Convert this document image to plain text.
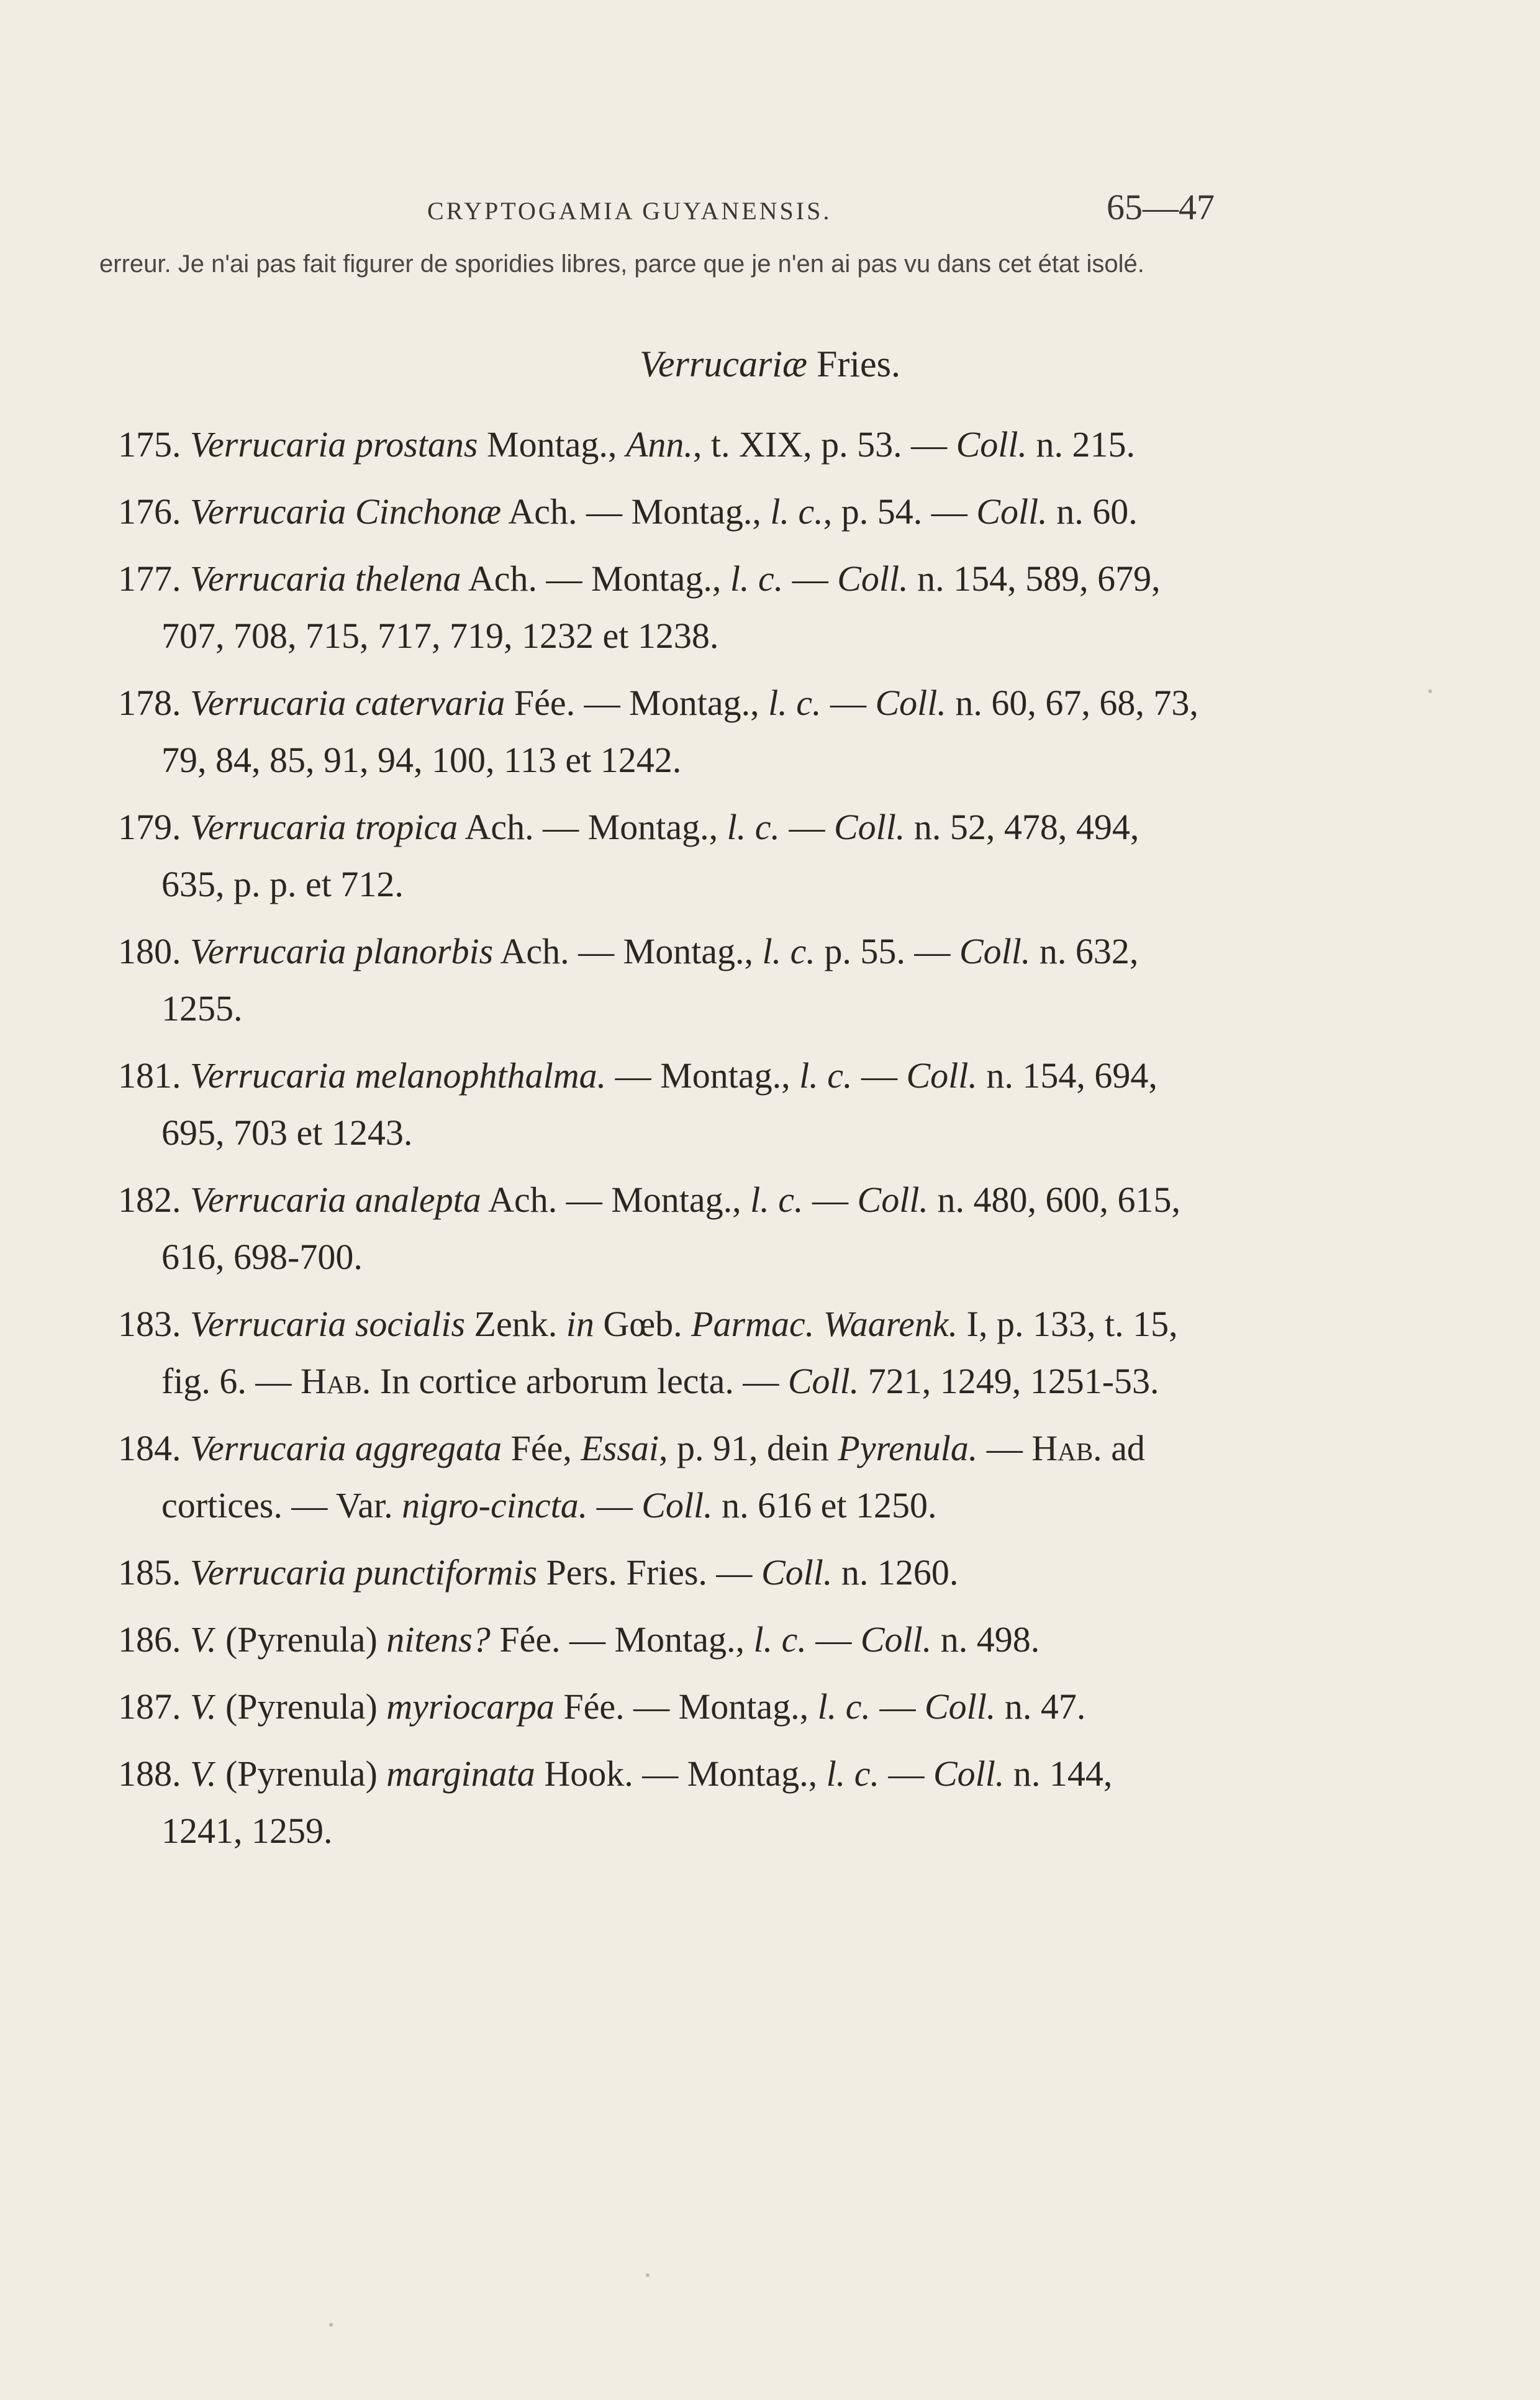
CRYPTOGAMIA GUYANENSIS.	65—47
erreur. Je n'ai pas fait figurer de sporidies libres, parce que je n'en ai pas vu dans cet état isolé.
Verrucariæ Fries.
175. Verrucaria prostans Montag., Ann., t. XIX, p. 53. — Coll. n. 215.
176. Verrucaria Cinchonæ Ach. — Montag., l. c., p. 54. — Coll. n. 60.
177. Verrucaria thelena Ach. — Montag., l. c. — Coll. n. 154, 589, 679, 707, 708, 715, 717, 719, 1232 et 1238.
178. Verrucaria catervaria Fée. — Montag., l. c. — Coll. n. 60, 67, 68, 73, 79, 84, 85, 91, 94, 100, 113 et 1242.
179. Verrucaria tropica Ach. — Montag., l. c. — Coll. n. 52, 478, 494, 635, p. p. et 712.
180. Verrucaria planorbis Ach. — Montag., l. c. p. 55. — Coll. n. 632, 1255.
181. Verrucaria melanophthalma. — Montag., l. c. — Coll. n. 154, 694, 695, 703 et 1243.
182. Verrucaria analepta Ach. — Montag., l. c. — Coll. n. 480, 600, 615, 616, 698-700.
183. Verrucaria socialis Zenk. in Gœb. Parmac. Waarenk. I, p. 133, t. 15, fig. 6. — Hab. In cortice arborum lecta. — Coll. 721, 1249, 1251-53.
184. Verrucaria aggregata Fée, Essai, p. 91, dein Pyrenula. — Hab. ad cortices. — Var. nigro-cincta. — Coll. n. 616 et 1250.
185. Verrucaria punctiformis Pers. Fries. — Coll. n. 1260.
186. V. (Pyrenula) nitens? Fée. — Montag., l. c. — Coll. n. 498.
187. V. (Pyrenula) myriocarpa Fée. — Montag., l. c. — Coll. n. 47.
188. V. (Pyrenula) marginata Hook. — Montag., l. c. — Coll. n. 144, 1241, 1259.
